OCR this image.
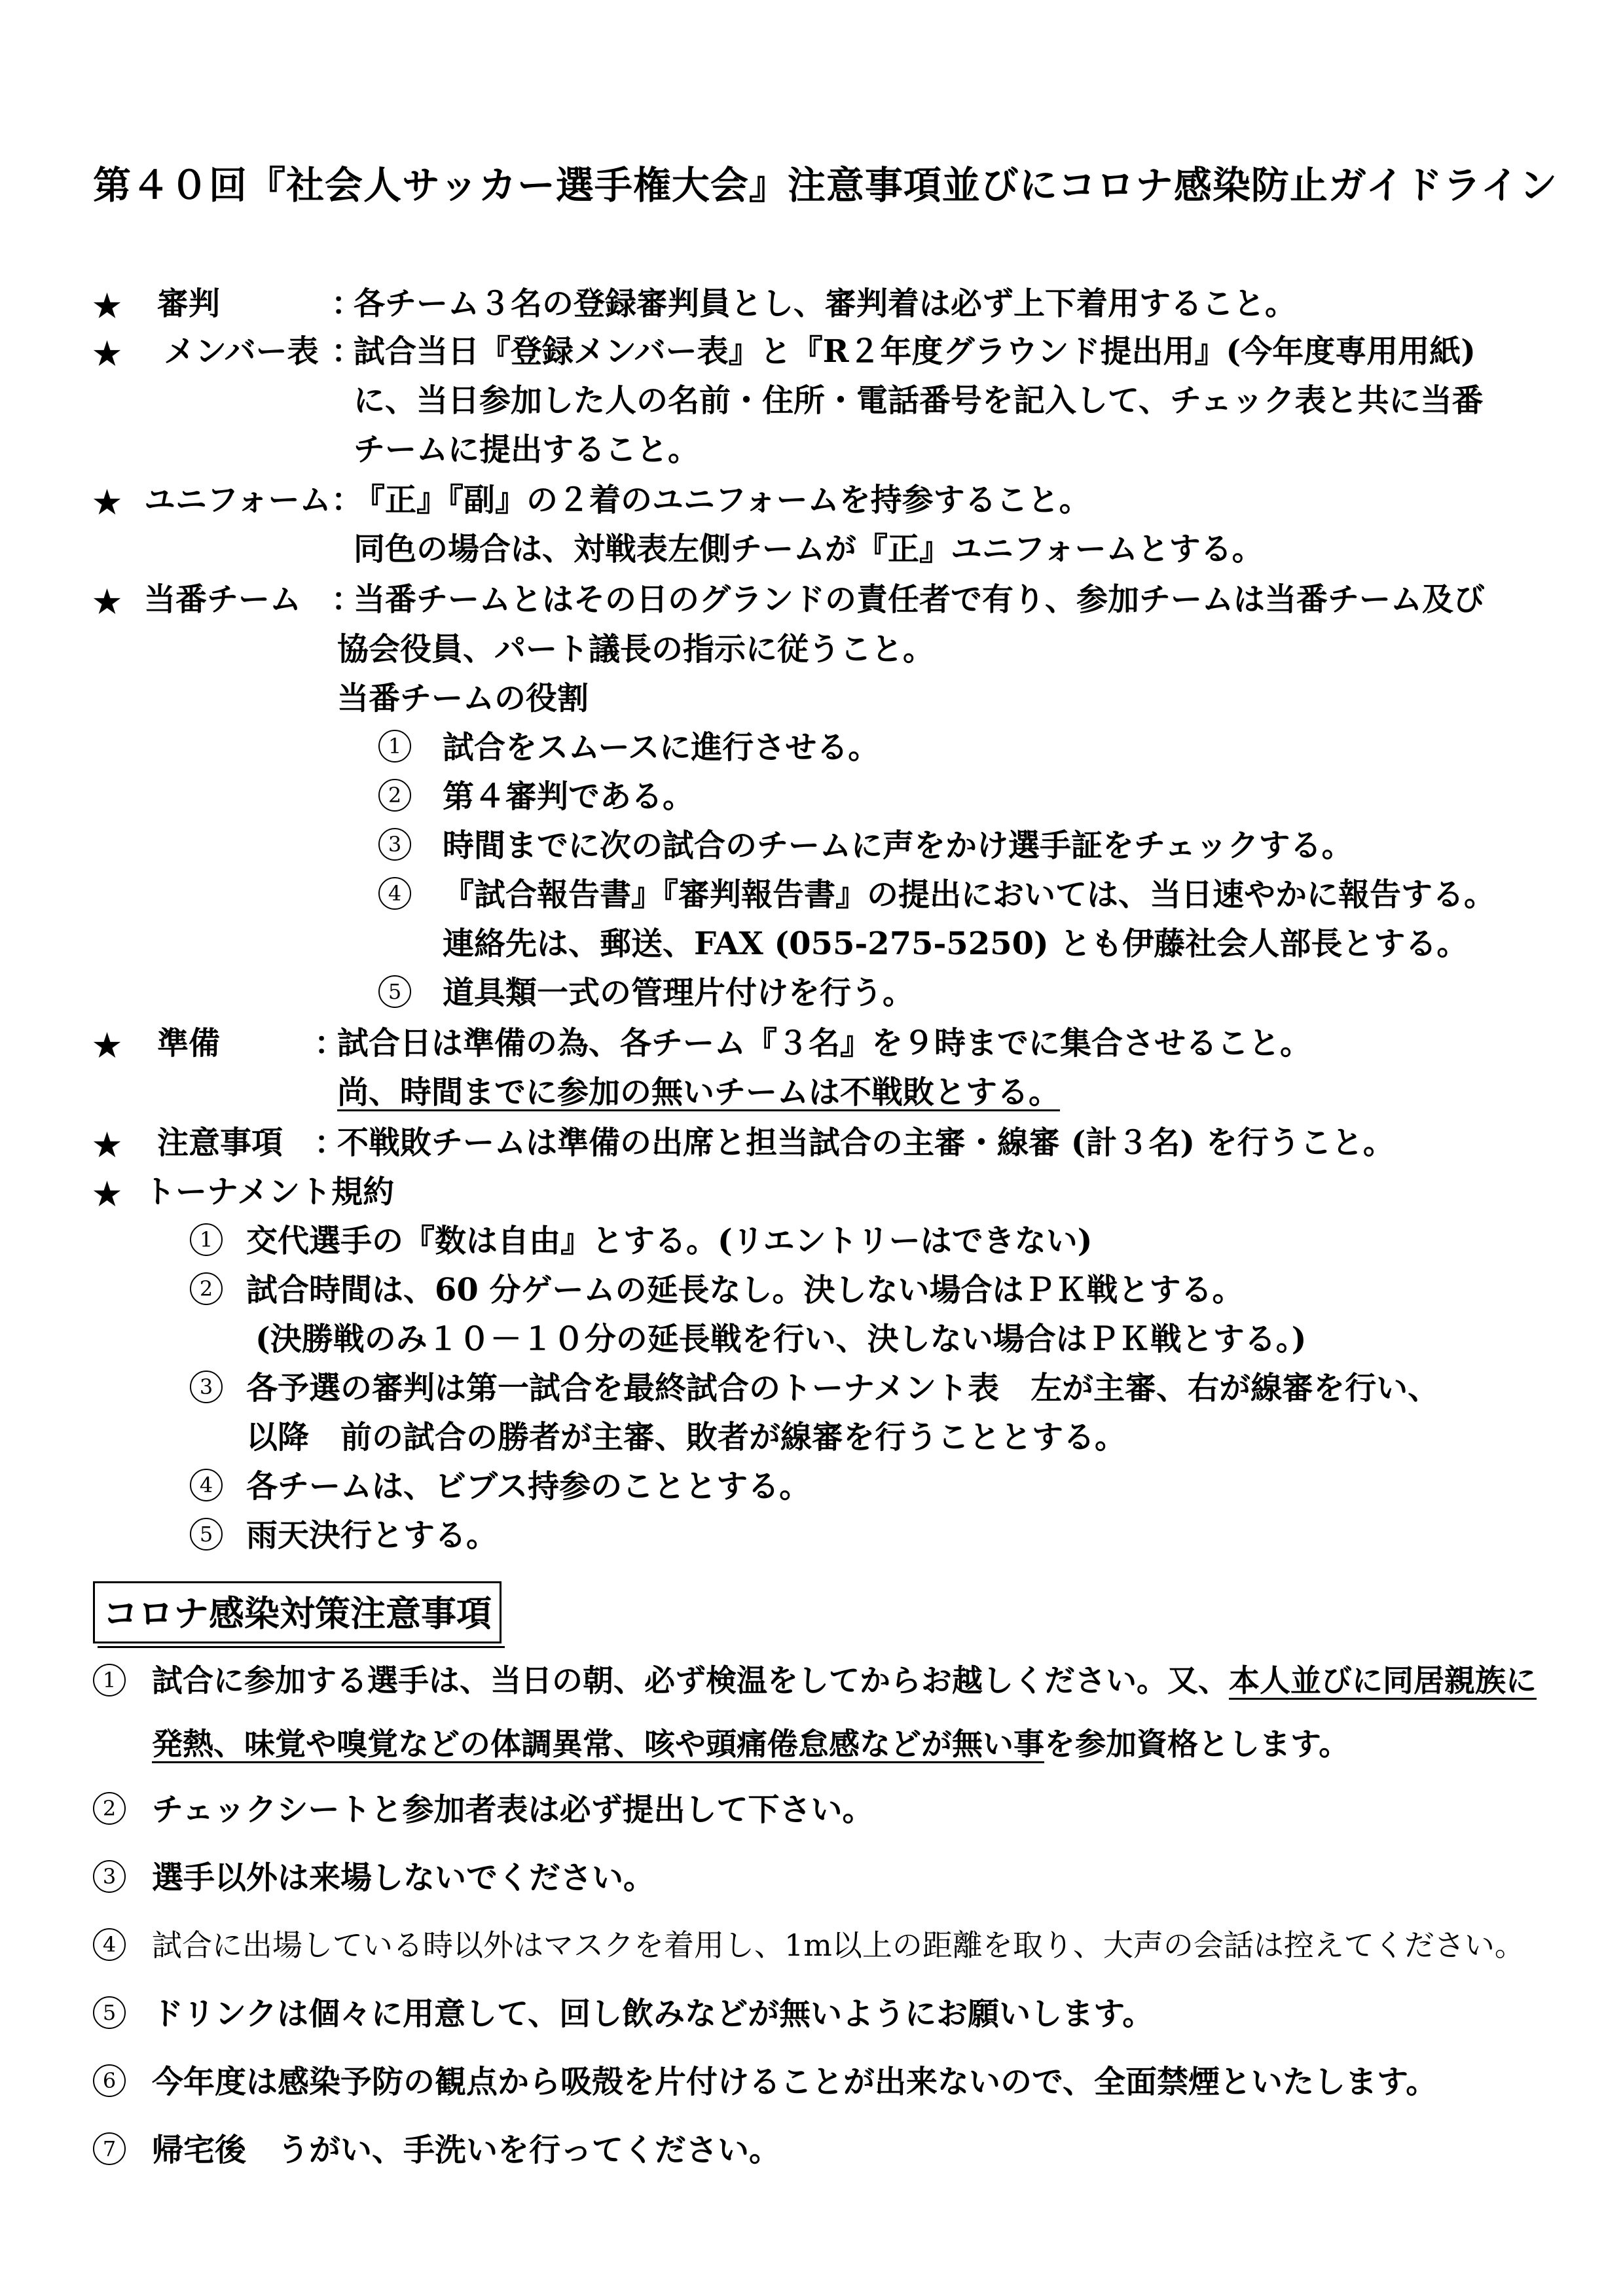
第４０回『社会人サッカー選手権大会』注意事項並びにコロナ感染防止ガイドライン
★ 審判	：
各チーム３名の登録審判員とし、審判着は必ず上下着用すること。
★ メンバー表 ：
試合当日『登録メンバー表』と『R２年度グラウンド提出用』(今年度専用用紙)
に、当日参加した人の名前・住所・電話番号を記入して、チェック表と共に当番
チームに提出すること。
★ ユニフォーム ：
『正』『副』の２着のユニフォームを持参すること。
同色の場合は、対戦表左側チームが『正』ユニフォームとする。
★ 当番チーム ：
当番チームとはその日のグランドの責任者で有り、参加チームは当番チーム及び
協会役員、パート議長の指示に従うこと。
当番チームの役割
1	試合をスムースに進行させる。
2	第４審判である。
3	時間までに次の試合のチームに声をかけ選手証をチェックする。
4	『試合報告書』『審判報告書』の提出においては、当日速やかに報告する。
連絡先は、郵送、FAX (055-275-5250) とも伊藤社会人部長とする。
5	道具類一式の管理片付けを行う。
★ 準備	：
試合日は準備の為、各チーム『３名』を９時までに集合させること。
尚、時間までに参加の無いチームは不戦敗とする。
★ 注意事項 ：
不戦敗チームは準備の出席と担当試合の主審・線審 (計３名) を行うこと。
★ トーナメント規約
1	交代選手の『数は自由』とする。(リエントリーはできない)
2	試合時間は、60 分ゲームの延長なし。決しない場合はＰＫ戦とする。
(決勝戦のみ１０－１０分の延長戦を行い、決しない場合はＰＫ戦とする。)
3	各予選の審判は第一試合を最終試合のトーナメント表　左が主審、右が線審を行い、
以降　前の試合の勝者が主審、敗者が線審を行うこととする。
4	各チームは、ビブス持参のこととする。
5	雨天決行とする。
コロナ感染対策注意事項
1	試合に参加する選手は、当日の朝、必ず検温をしてからお越しください。又、本人並びに同居親族に
発熱、味覚や嗅覚などの体調異常、咳や頭痛倦怠感などが無い事を参加資格とします。
2	チェックシートと参加者表は必ず提出して下さい。
3	選手以外は来場しないでください。
4	試合に出場している時以外はマスクを着用し、1m以上の距離を取り、大声の会話は控えてください。
5	ドリンクは個々に用意して、回し飲みなどが無いようにお願いします。
6	今年度は感染予防の観点から吸殻を片付けることが出来ないので、全面禁煙といたします。
7	帰宅後　うがい、手洗いを行ってください。
